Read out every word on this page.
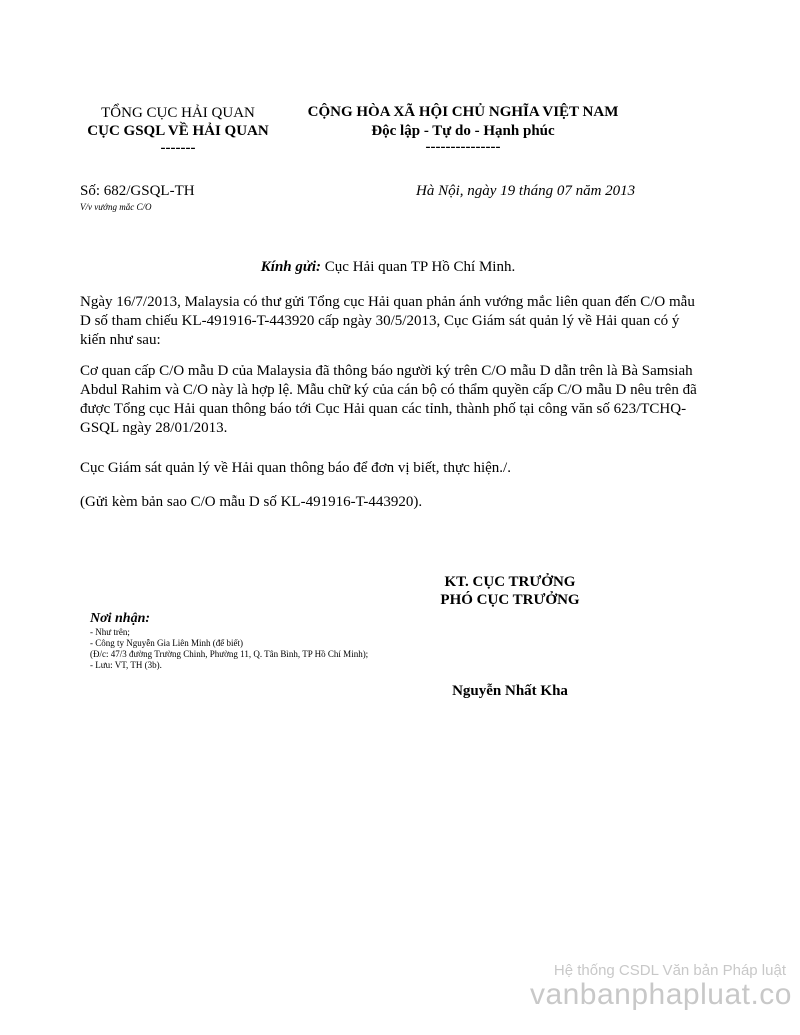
TỔNG CỤC HẢI QUAN
CỤC GSQL VỀ HẢI QUAN
-------
CỘNG HÒA XÃ HỘI CHỦ NGHĨA VIỆT NAM
Độc lập - Tự do - Hạnh phúc
---------------
Số: 682/GSQL-TH
V/v vướng mắc C/O
Hà Nội, ngày 19 tháng 07 năm 2013
Kính gửi: Cục Hải quan TP Hồ Chí Minh.
Ngày 16/7/2013, Malaysia có thư gửi Tổng cục Hải quan phản ánh vướng mắc liên quan đến C/O mẫu D số tham chiếu KL-491916-T-443920 cấp ngày 30/5/2013, Cục Giám sát quản lý về Hải quan có ý kiến như sau:
Cơ quan cấp C/O mẫu D của Malaysia đã thông báo người ký trên C/O mẫu D dẫn trên là Bà Samsiah Abdul Rahim và C/O này là hợp lệ. Mẫu chữ ký của cán bộ có thẩm quyền cấp C/O mẫu D nêu trên đã được Tổng cục Hải quan thông báo tới Cục Hải quan các tỉnh, thành phố tại công văn số 623/TCHQ-GSQL ngày 28/01/2013.
Cục Giám sát quản lý về Hải quan thông báo để đơn vị biết, thực hiện./.
(Gửi kèm bản sao C/O mẫu D số KL-491916-T-443920).
KT. CỤC TRƯỞNG
PHÓ CỤC TRƯỞNG
Nguyễn Nhất Kha
Nơi nhận:
- Như trên;
- Công ty Nguyễn Gia Liên Minh (để biết)
(Đ/c: 47/3 đường Trường Chinh, Phường 11, Q. Tân Bình, TP Hồ Chí Minh);
- Lưu: VT, TH (3b).
Hệ thống CSDL Văn bản Pháp luật
vanbanphapluat.co
